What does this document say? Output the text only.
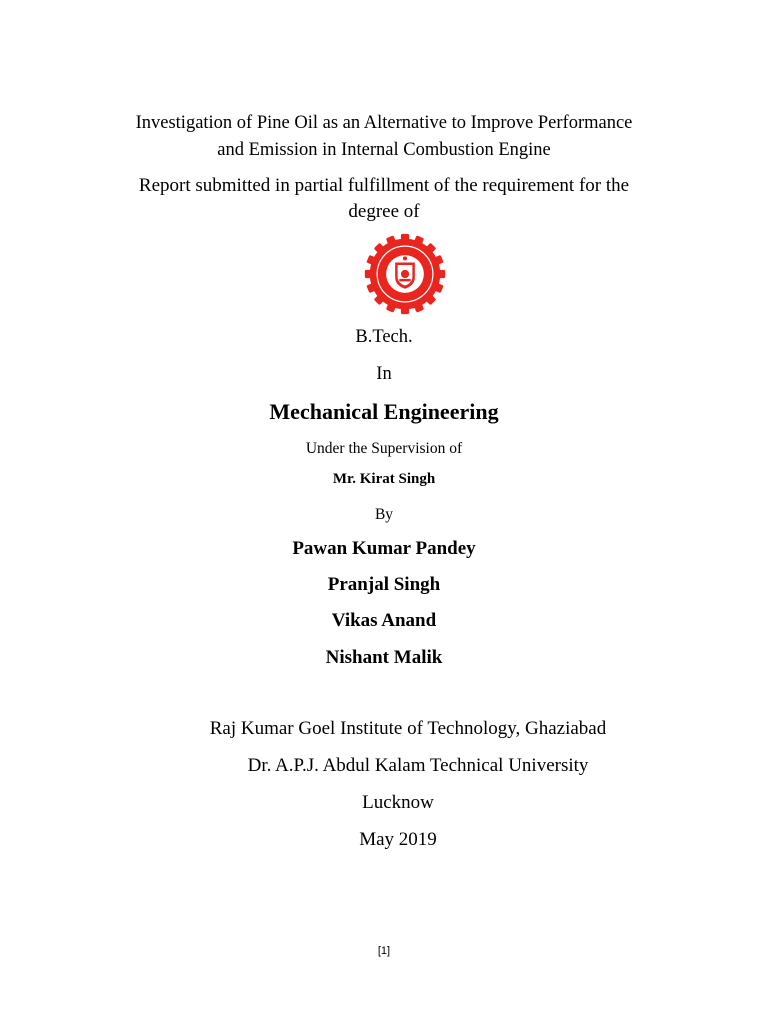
Investigation of Pine Oil as an Alternative to Improve Performance
and Emission in Internal Combustion Engine
Report submitted in partial fulfillment of the requirement for the
degree of
B.Tech.
In
Mechanical Engineering
Under the Supervision of
Mr. Kirat Singh
By
Pawan Kumar Pandey
Pranjal Singh
Vikas Anand
Nishant Malik
Raj Kumar Goel Institute of Technology, Ghaziabad
Dr. A.P.J. Abdul Kalam Technical University
Lucknow
May 2019
[1]
